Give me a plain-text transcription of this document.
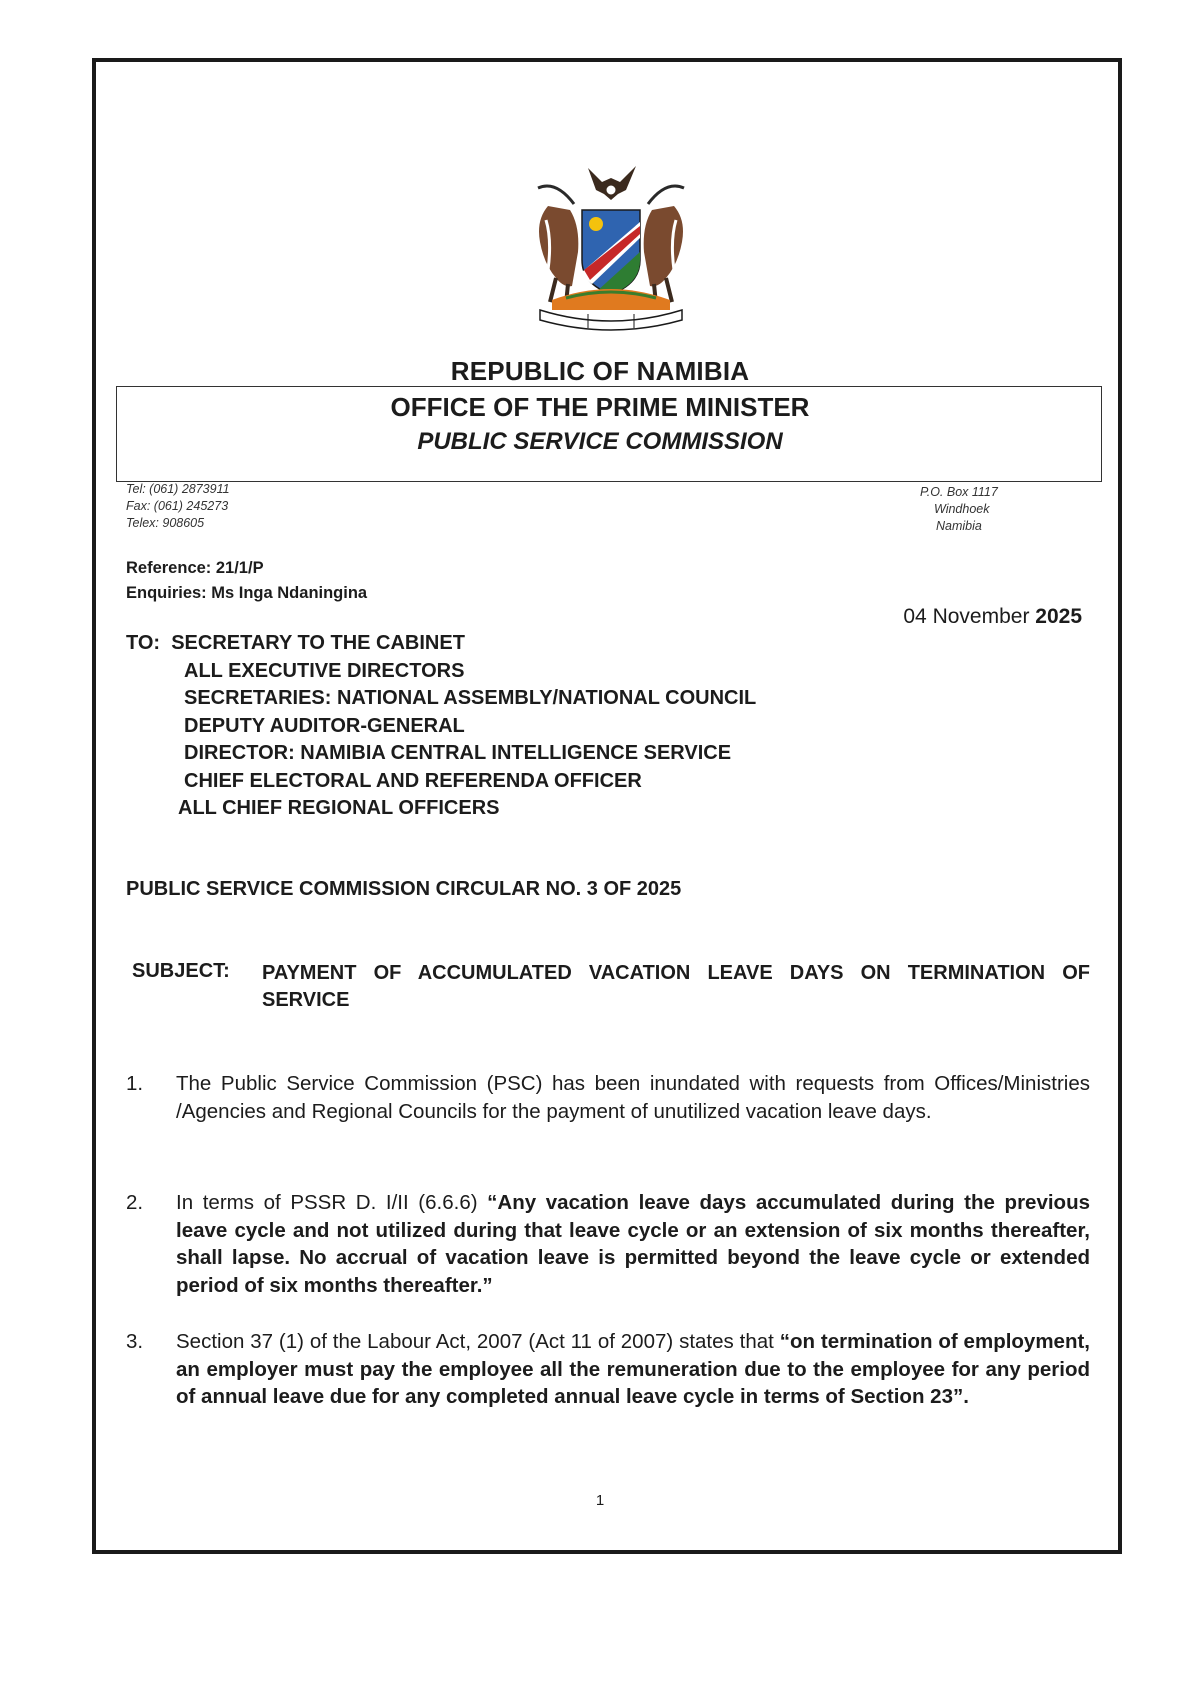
REPUBLIC OF NAMIBIA
OFFICE OF THE PRIME MINISTER
PUBLIC SERVICE COMMISSION
Tel: (061) 2873911
Fax: (061) 245273
Telex: 908605
P.O. Box 1117
Windhoek
Namibia
Reference: 21/1/P
Enquiries: Ms Inga Ndaningina
04 November 2025
TO: SECRETARY TO THE CABINET
ALL EXECUTIVE DIRECTORS
SECRETARIES: NATIONAL ASSEMBLY/NATIONAL COUNCIL
DEPUTY AUDITOR-GENERAL
DIRECTOR: NAMIBIA CENTRAL INTELLIGENCE SERVICE
CHIEF ELECTORAL AND REFERENDA OFFICER
ALL CHIEF REGIONAL OFFICERS
PUBLIC SERVICE COMMISSION CIRCULAR NO. 3 OF 2025
SUBJECT: PAYMENT OF ACCUMULATED VACATION LEAVE DAYS ON TERMINATION OF SERVICE
1. The Public Service Commission (PSC) has been inundated with requests from Offices/Ministries /Agencies and Regional Councils for the payment of unutilized vacation leave days.
2. In terms of PSSR D. I/II (6.6.6) “Any vacation leave days accumulated during the previous leave cycle and not utilized during that leave cycle or an extension of six months thereafter, shall lapse. No accrual of vacation leave is permitted beyond the leave cycle or extended period of six months thereafter.”
3. Section 37 (1) of the Labour Act, 2007 (Act 11 of 2007) states that “on termination of employment, an employer must pay the employee all the remuneration due to the employee for any period of annual leave due for any completed annual leave cycle in terms of Section 23”.
1
